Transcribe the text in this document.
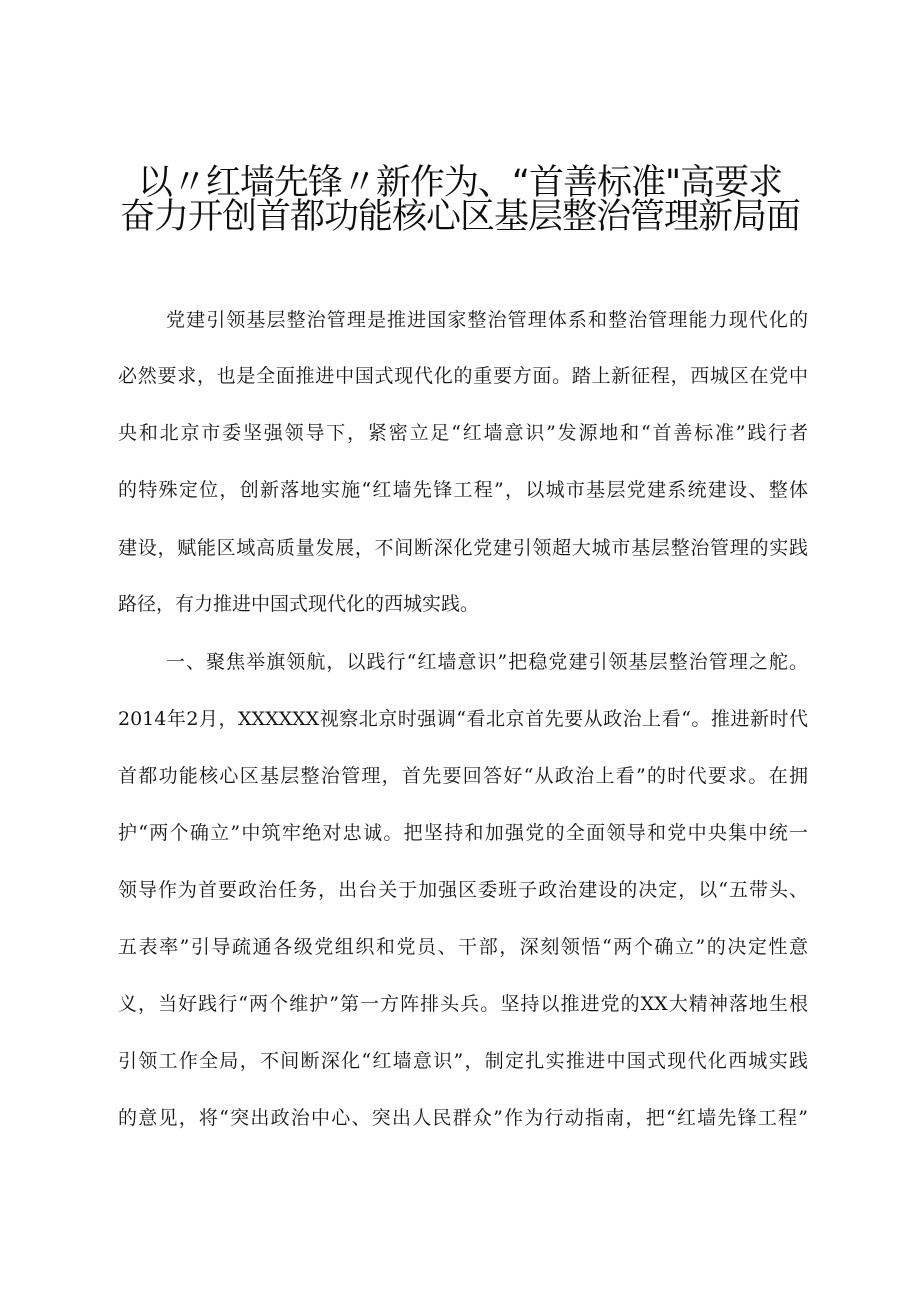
以〃红墙先锋〃新作为、“首善标准"高要求
奋力开创首都功能核心区基层整治管理新局面

党建引领基层整治管理是推进国家整治管理体系和整治管理能力现代化的

必然要求，也是全面推进中国式现代化的重要方面。踏上新征程，西城区在党中

央和北京市委坚强领导下，紧密立足“红墙意识”发源地和“首善标准”践行者

的特殊定位，创新落地实施“红墙先锋工程”，以城市基层党建系统建设、整体

建设，赋能区域高质量发展，不间断深化党建引领超大城市基层整治管理的实践

路径，有力推进中国式现代化的西城实践。

一、聚焦举旗领航，以践行“红墙意识”把稳党建引领基层整治管理之舵。

2014年2月，XXXXXX视察北京时强调“看北京首先要从政治上看“。推进新时代

首都功能核心区基层整治管理，首先要回答好“从政治上看”的时代要求。在拥

护“两个确立”中筑牢绝对忠诚。把坚持和加强党的全面领导和党中央集中统一

领导作为首要政治任务，出台关于加强区委班子政治建设的决定，以“五带头、

五表率”引导疏通各级党组织和党员、干部，深刻领悟“两个确立”的决定性意

义，当好践行“两个维护”第一方阵排头兵。坚持以推进党的XX大精神落地生根

引领工作全局，不间断深化“红墙意识”，制定扎实推进中国式现代化西城实践

的意见，将“突出政治中心、突出人民群众”作为行动指南，把“红墙先锋工程”
